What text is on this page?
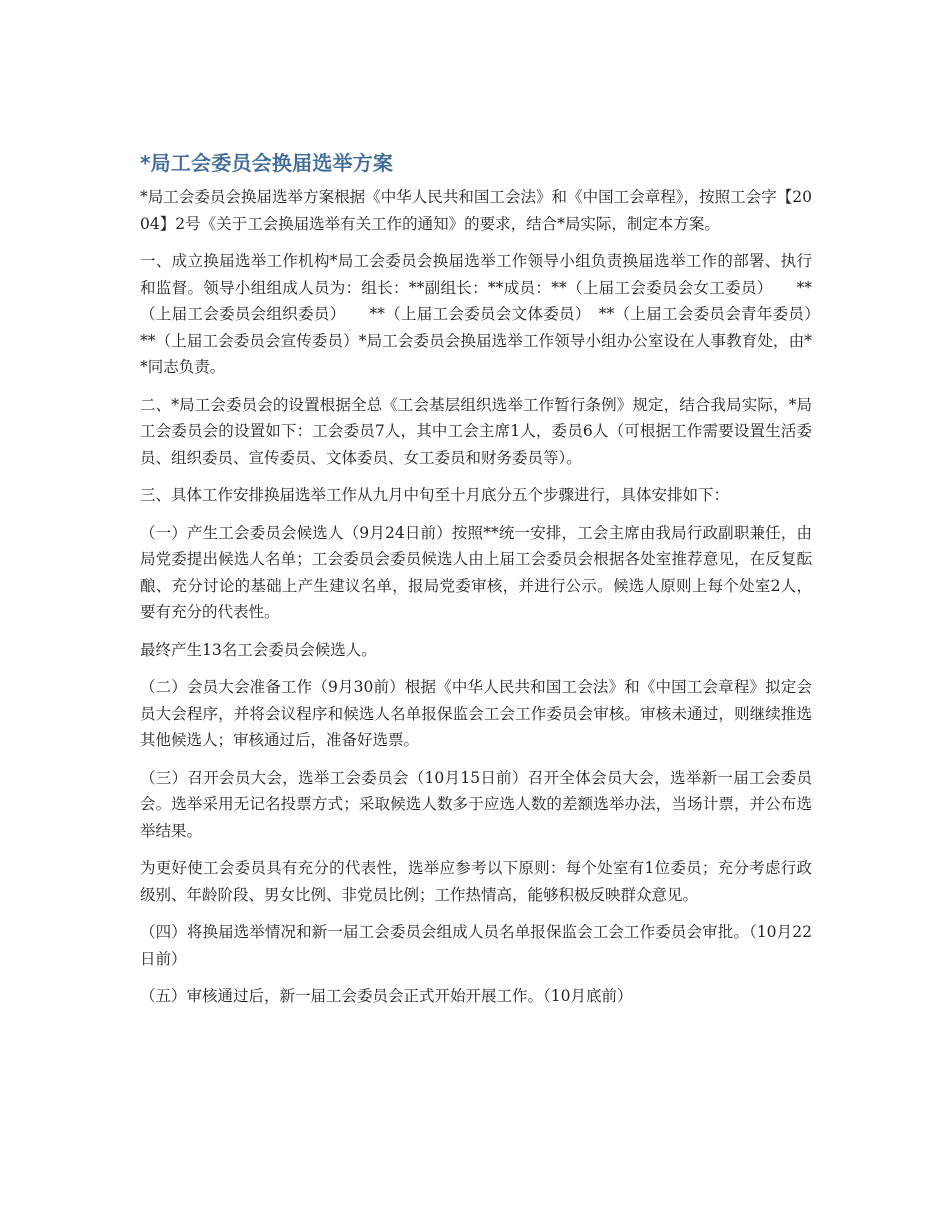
*局工会委员会换届选举方案

*局工会委员会换届选举方案根据《中华人民共和国工会法》和《中国工会章程》，按照工会字【2004】2号《关于工会换届选举有关工作的通知》的要求，结合*局实际，制定本方案。

一、成立换届选举工作机构*局工会委员会换届选举工作领导小组负责换届选举工作的部署、执行和监督。领导小组组成人员为：组长：**副组长：**成员：**（上届工会委员会女工委员）　　**（上届工会委员会组织委员）　　**（上届工会委员会文体委员）　**（上届工会委员会青年委员）　　**（上届工会委员会宣传委员）*局工会委员会换届选举工作领导小组办公室设在人事教育处，由**同志负责。

二、*局工会委员会的设置根据全总《工会基层组织选举工作暂行条例》规定，结合我局实际，*局工会委员会的设置如下：工会委员7人，其中工会主席1人，委员6人（可根据工作需要设置生活委员、组织委员、宣传委员、文体委员、女工委员和财务委员等）。

三、具体工作安排换届选举工作从九月中旬至十月底分五个步骤进行，具体安排如下：

（一）产生工会委员会候选人（9月24日前）按照**统一安排，工会主席由我局行政副职兼任，由局党委提出候选人名单；工会委员会委员候选人由上届工会委员会根据各处室推荐意见，在反复酝酿、充分讨论的基础上产生建议名单，报局党委审核，并进行公示。候选人原则上每个处室2人，要有充分的代表性。

最终产生13名工会委员会候选人。

（二）会员大会准备工作（9月30前）根据《中华人民共和国工会法》和《中国工会章程》拟定会员大会程序，并将会议程序和候选人名单报保监会工会工作委员会审核。审核未通过，则继续推选其他候选人；审核通过后，准备好选票。

（三）召开会员大会，选举工会委员会（10月15日前）召开全体会员大会，选举新一届工会委员会。选举采用无记名投票方式；采取候选人数多于应选人数的差额选举办法，当场计票，并公布选举结果。

为更好使工会委员具有充分的代表性，选举应参考以下原则：每个处室有1位委员；充分考虑行政级别、年龄阶段、男女比例、非党员比例；工作热情高，能够积极反映群众意见。

（四）将换届选举情况和新一届工会委员会组成人员名单报保监会工会工作委员会审批。（10月22日前）

（五）审核通过后，新一届工会委员会正式开始开展工作。（10月底前）
